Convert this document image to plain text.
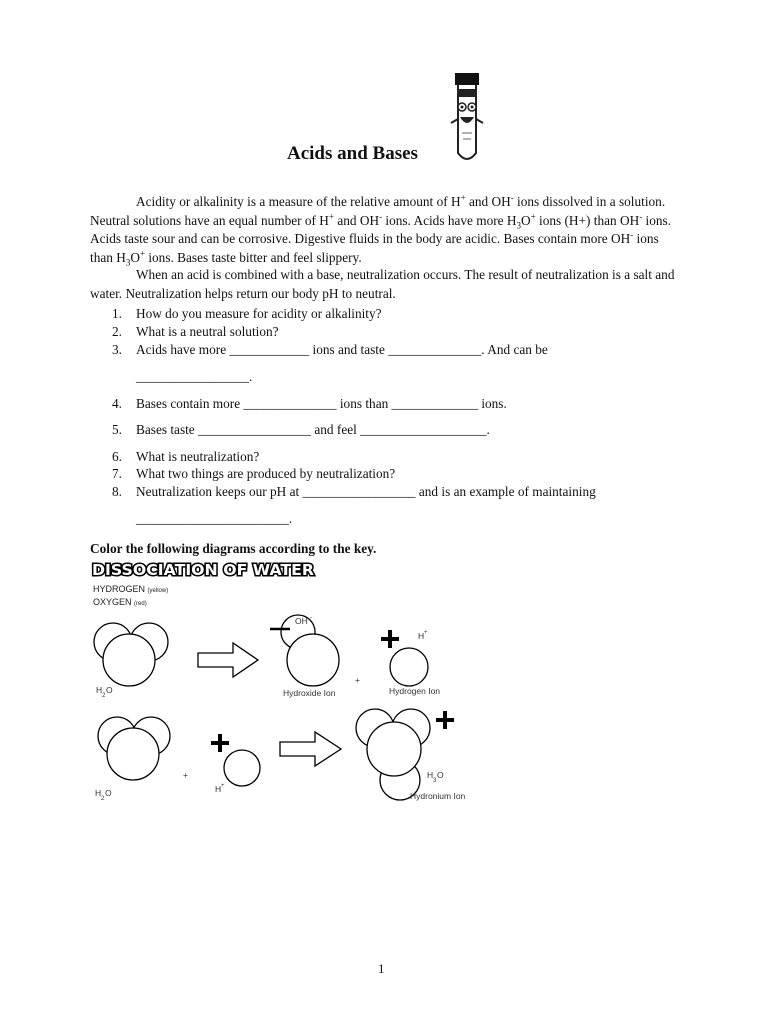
Acids and Bases
Acidity or alkalinity is a measure of the relative amount of H+ and OH- ions dissolved in a solution. Neutral solutions have an equal number of H+ and OH- ions. Acids have more $H_3O^+$ ions (H+) than OH- ions. Acids taste sour and can be corrosive. Digestive fluids in the body are acidic. Bases contain more OH- ions than $H_3O^+$ ions. Bases taste bitter and feel slippery.
When an acid is combined with a base, neutralization occurs. The result of neutralization is a salt and water. Neutralization helps return our body pH to neutral.
1. How do you measure for acidity or alkalinity?
2. What is a neutral solution?
3. Acids have more ____________ ions and taste ______________. And can be
_________________.
4. Bases contain more ______________ ions than _____________ ions.
5. Bases taste _________________ and feel ___________________.
6. What is neutralization?
7. What two things are produced by neutralization?
8. Neutralization keeps our pH at _________________ and is an example of maintaining
_______________________.
Color the following diagrams according to the key.
DISSOCIATION OF WATER
HYDROGEN (yellow)
OXYGEN (red)
H
2
O
OH -
Hydroxide Ion
+
H +
Hydrogen Ion
H
2
O
+
H +
H
3
O
Hydronium Ion
1
